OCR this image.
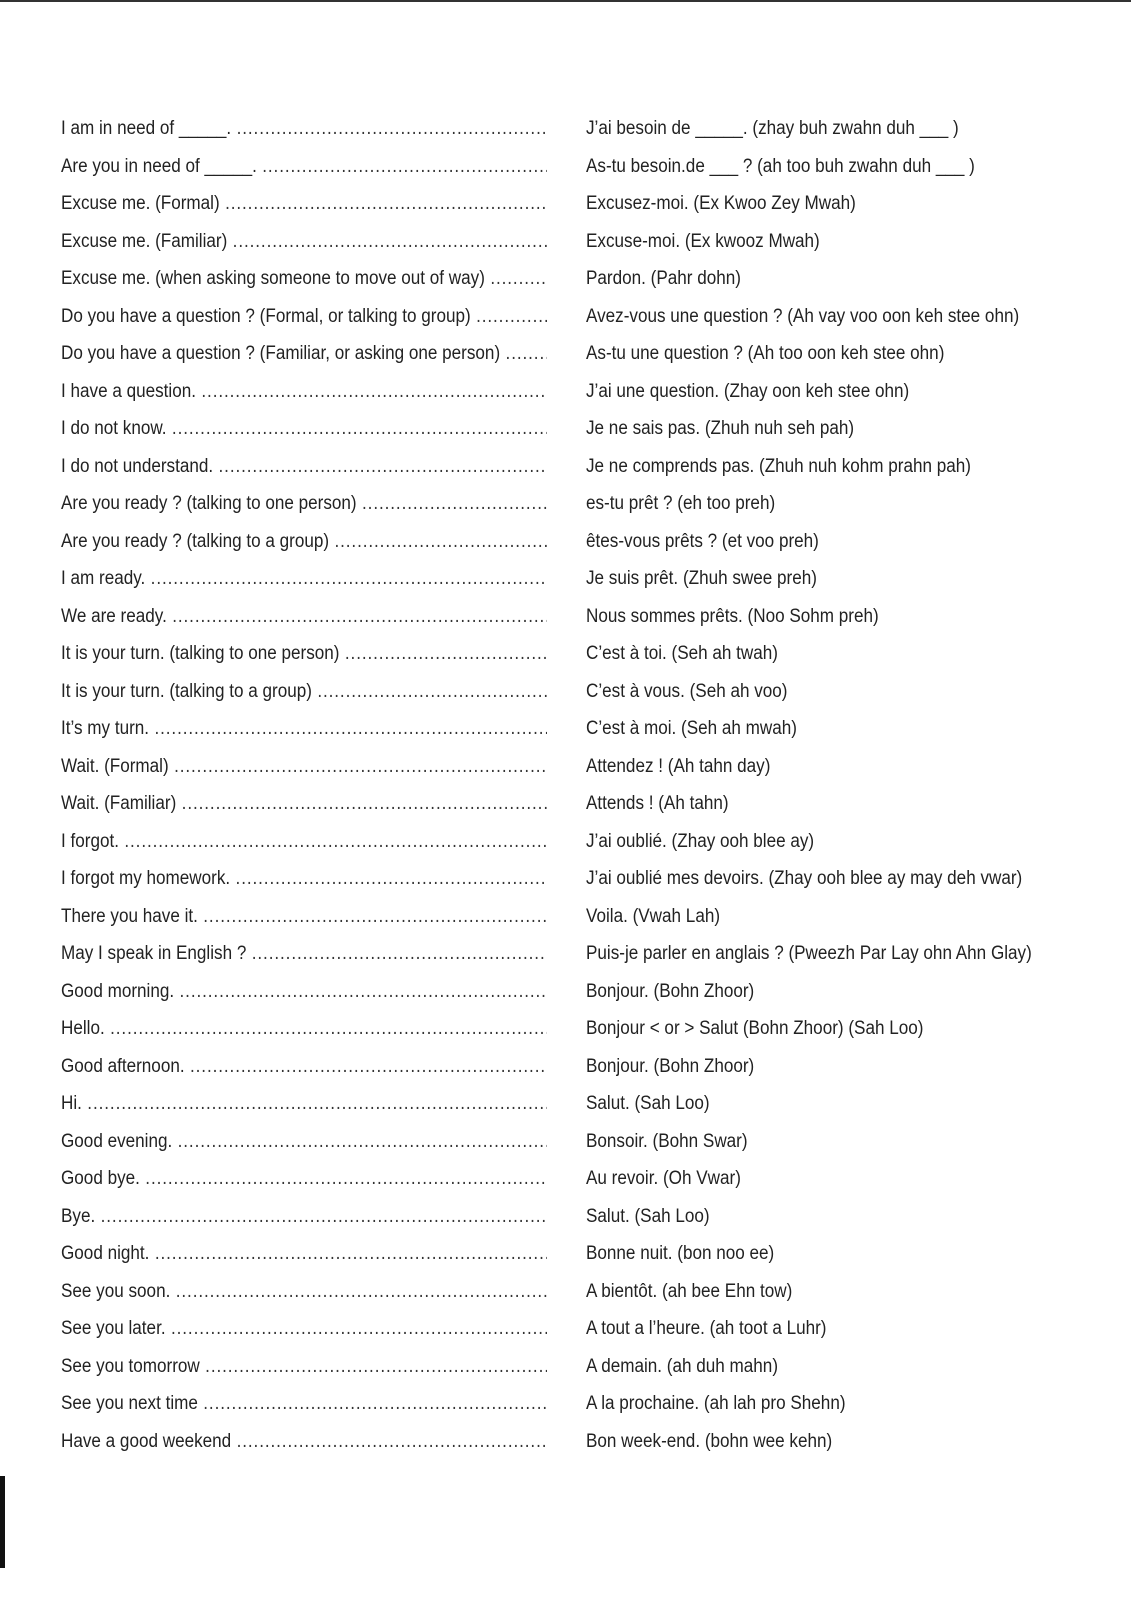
I am in need of _____. .....	J’ai besoin de _____. (zhay buh zwahn duh ___ )
Are you in need of _____. .....	As-tu besoin.de ___ ? (ah too buh zwahn duh ___ )
Excuse me. (Formal) .....	Excusez-moi. (Ex Kwoo Zey Mwah)
Excuse me. (Familiar) .....	Excuse-moi. (Ex kwooz Mwah)
Excuse me. (when asking someone to move out of way) .....	Pardon. (Pahr dohn)
Do you have a question ? (Formal, or talking to group) .....	Avez-vous une question ? (Ah vay voo oon keh stee ohn)
Do you have a question ? (Familiar, or asking one person) .....	As-tu une question ? (Ah too oon keh stee ohn)
I have a question. .....	J’ai une question. (Zhay oon keh stee ohn)
I do not know. .....	Je ne sais pas. (Zhuh nuh seh pah)
I do not understand. .....	Je ne comprends pas. (Zhuh nuh kohm prahn pah)
Are you ready ? (talking to one person) .....	es-tu prêt ? (eh too preh)
Are you ready ? (talking to a group) .....	êtes-vous prêts ? (et voo preh)
I am ready. .....	Je suis prêt. (Zhuh swee preh)
We are ready. .....	Nous sommes prêts. (Noo Sohm preh)
It is your turn. (talking to one person) .....	C’est à toi. (Seh ah twah)
It is your turn. (talking to a group) .....	C’est à vous. (Seh ah voo)
It’s my turn. .....	C’est à moi. (Seh ah mwah)
Wait. (Formal) .....	Attendez ! (Ah tahn day)
Wait. (Familiar) .....	Attends ! (Ah tahn)
I forgot. .....	J’ai oublié. (Zhay ooh blee ay)
I forgot my homework. .....	J’ai oublié mes devoirs. (Zhay ooh blee ay may deh vwar)
There you have it. .....	Voila. (Vwah Lah)
May I speak in English ? .....	Puis-je parler en anglais ? (Pweezh Par Lay ohn Ahn Glay)
Good morning. .....	Bonjour. (Bohn Zhoor)
Hello. .....	Bonjour < or > Salut (Bohn Zhoor) (Sah Loo)
Good afternoon. .....	Bonjour. (Bohn Zhoor)
Hi. .....	Salut. (Sah Loo)
Good evening. .....	Bonsoir. (Bohn Swar)
Good bye. .....	Au revoir. (Oh Vwar)
Bye. .....	Salut. (Sah Loo)
Good night. .....	Bonne nuit. (bon noo ee)
See you soon. .....	A bientôt. (ah bee Ehn tow)
See you later. .....	A tout a l’heure. (ah toot a Luhr)
See you tomorrow .....	A demain. (ah duh mahn)
See you next time .....	A la prochaine. (ah lah pro Shehn)
Have a good weekend .....	Bon week-end. (bohn wee kehn)
